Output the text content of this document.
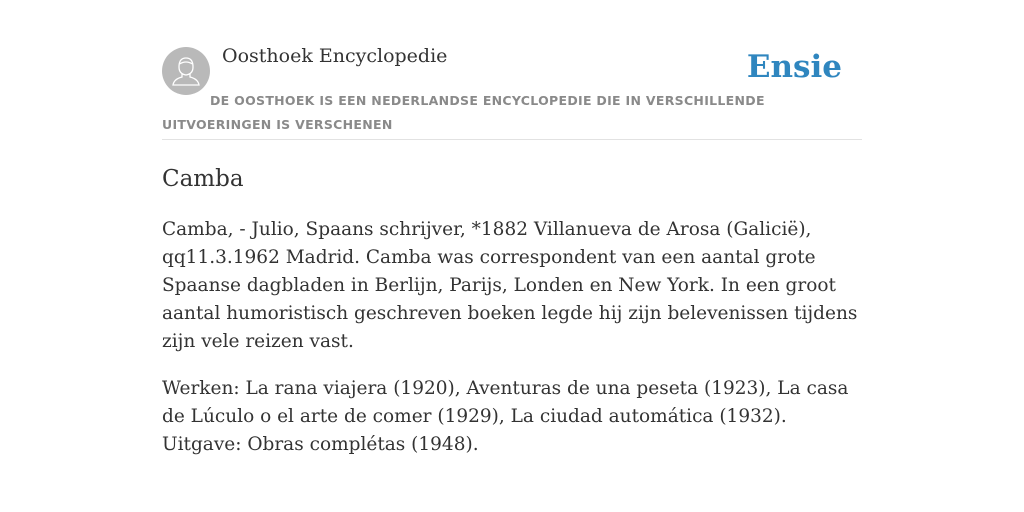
Oosthoek Encyclopedie	Ensie
DE OOSTHOEK IS EEN NEDERLANDSE ENCYCLOPEDIE DIE IN VERSCHILLENDE UITVOERINGEN IS VERSCHENEN
Camba

Camba, - Julio, Spaans schrijver, *1882 Villanueva de Arosa (Galicië), qq11.3.1962 Madrid. Camba was correspondent van een aantal grote Spaanse dagbladen in Berlijn, Parijs, Londen en New York. In een groot aantal humoristisch geschreven boeken legde hij zijn belevenissen tijdens zijn vele reizen vast.

Werken: La rana viajera (1920), Aventuras de una peseta (1923), La casa de Lúculo o el arte de comer (1929), La ciudad automática (1932). Uitgave: Obras complétas (1948).
